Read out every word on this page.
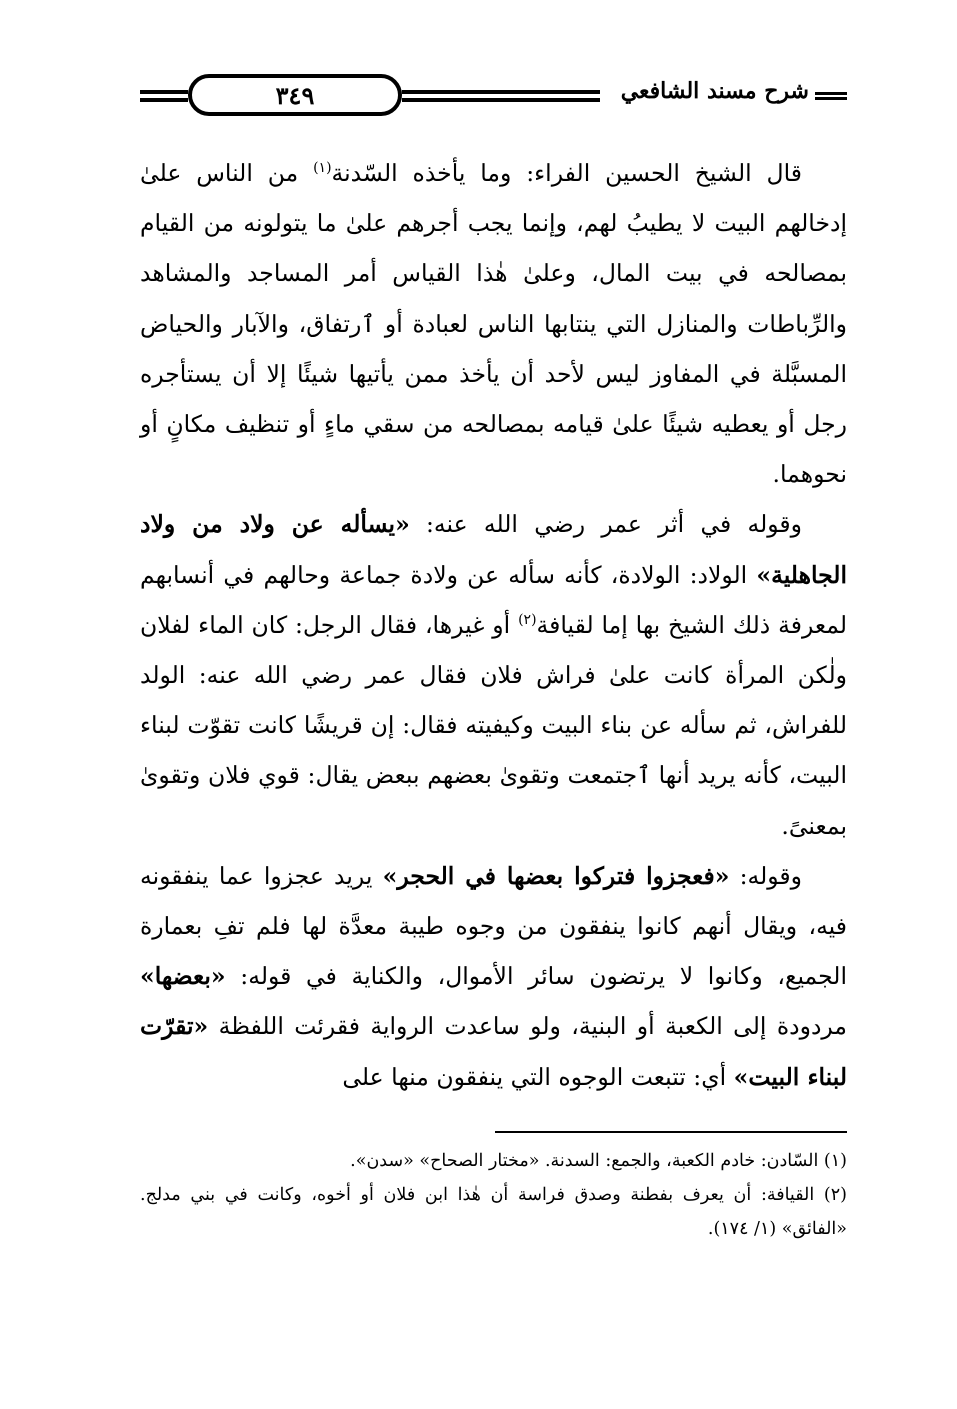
٣٤٩	شرح مسند الشافعي

قال الشيخ الحسين الفراء: وما يأخذه السّدنة$^{(١)}$ من الناس علىٰ إدخالهم البيت لا يطيبُ لهم، وإنما يجب أجرهم علىٰ ما يتولونه من القيام بمصالحه في بيت المال، وعلىٰ هٰذا القياس أمر المساجد والمشاهد والرِّباطات والمنازل التي ينتابها الناس لعبادة أو ٱرتفاق، والآبار والحياض المسبَّلة في المفاوز ليس لأحد أن يأخذ ممن يأتيها شيئًا إلا أن يستأجره رجل أو يعطيه شيئًا علىٰ قيامه بمصالحه من سقي ماءٍ أو تنظيف مكانٍ أو نحوهما.

وقوله في أثر عمر رضي الله عنه: «يسأله عن ولاد من ولاد الجاهلية» الولاد: الولادة، كأنه سأله عن ولادة جماعة وحالهم في أنسابهم لمعرفة ذلك الشيخ بها إما لقيافة$^{(٢)}$ أو غيرها، فقال الرجل: كان الماء لفلان ولٰكن المرأة كانت علىٰ فراش فلان فقال عمر رضي الله عنه: الولد للفراش، ثم سأله عن بناء البيت وكيفيته فقال: إن قريشًا كانت تقوّت لبناء البيت، كأنه يريد أنها ٱجتمعت وتقوىٰ بعضهم ببعض يقال: قوي فلان وتقوىٰ بمعنىً.

وقوله: «فعجزوا فتركوا بعضها في الحجر» يريد عجزوا عما ينفقونه فيه، ويقال أنهم كانوا ينفقون من وجوه طيبة معدَّة لها فلم تفِ بعمارة الجميع، وكانوا لا يرتضون سائر الأموال، والكناية في قوله: «بعضها» مردودة إلى الكعبة أو البنية، ولو ساعدت الرواية فقرئت اللفظة «تقرّت لبناء البيت» أي: تتبعت الوجوه التي ينفقون منها على

(١) السّادن: خادم الكعبة، والجمع: السدنة. «مختار الصحاح» «سدن».

(٢) القيافة: أن يعرف بفطنة وصدق فراسة أن هٰذا ابن فلان أو أخوه، وكانت في بني مدلج. «الفائق» (١/ ١٧٤).
